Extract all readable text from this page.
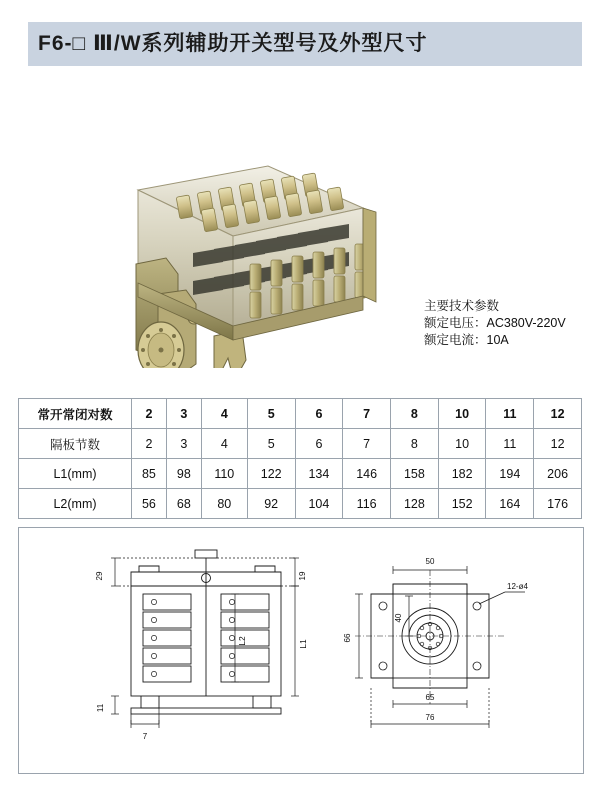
F6-□ Ⅲ/W系列辅助开关型号及外型尺寸
主要技术参数
额定电压：AC380V-220V
额定电流：10A
常开常闭对数	2	3	4	5	6	7	8	10	11	12
隔板节数	2	3	4	5	6	7	8	10	11	12
L1(mm)	85	98	110	122	134	146	158	182	194	206
L2(mm)	56	68	80	92	104	116	128	152	164	176
29	19
L2	L1
11
7
50
40
66
65
76
12-ø4
